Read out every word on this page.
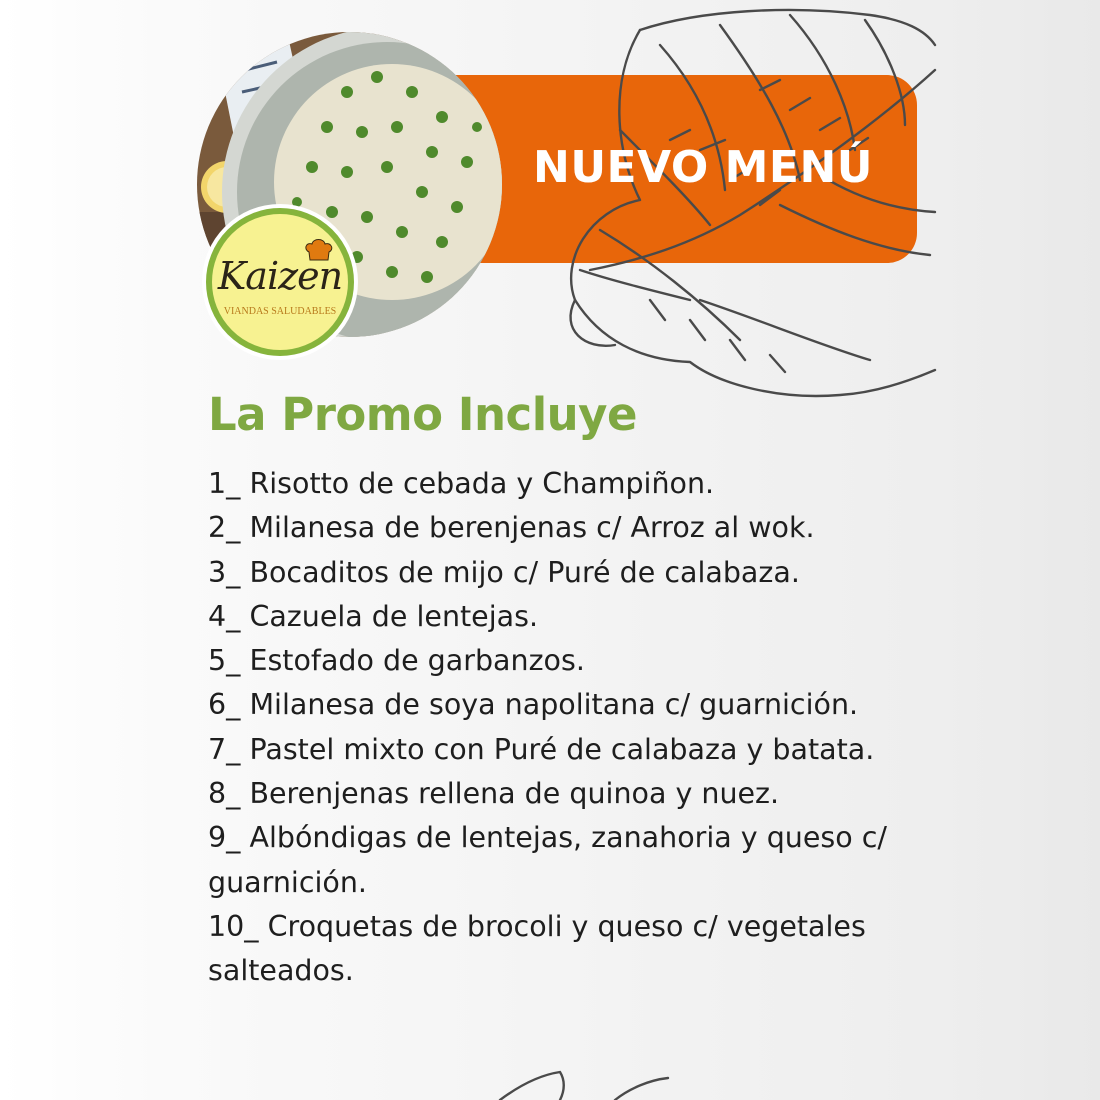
Kaizen
VIANDAS SALUDABLES
NUEVO MENÚ
La Promo Incluye
1_ Risotto de cebada y Champiñon.
2_ Milanesa de berenjenas c/ Arroz al wok.
3_ Bocaditos de mijo c/ Puré de calabaza.
4_ Cazuela de lentejas.
5_ Estofado de garbanzos.
6_ Milanesa de soya napolitana c/ guarnición.
7_ Pastel mixto con Puré de calabaza y batata.
8_ Berenjenas rellena de quinoa y nuez.
9_ Albóndigas de lentejas, zanahoria y queso c/ guarnición.
10_ Croquetas de brocoli y queso c/ vegetales salteados.
